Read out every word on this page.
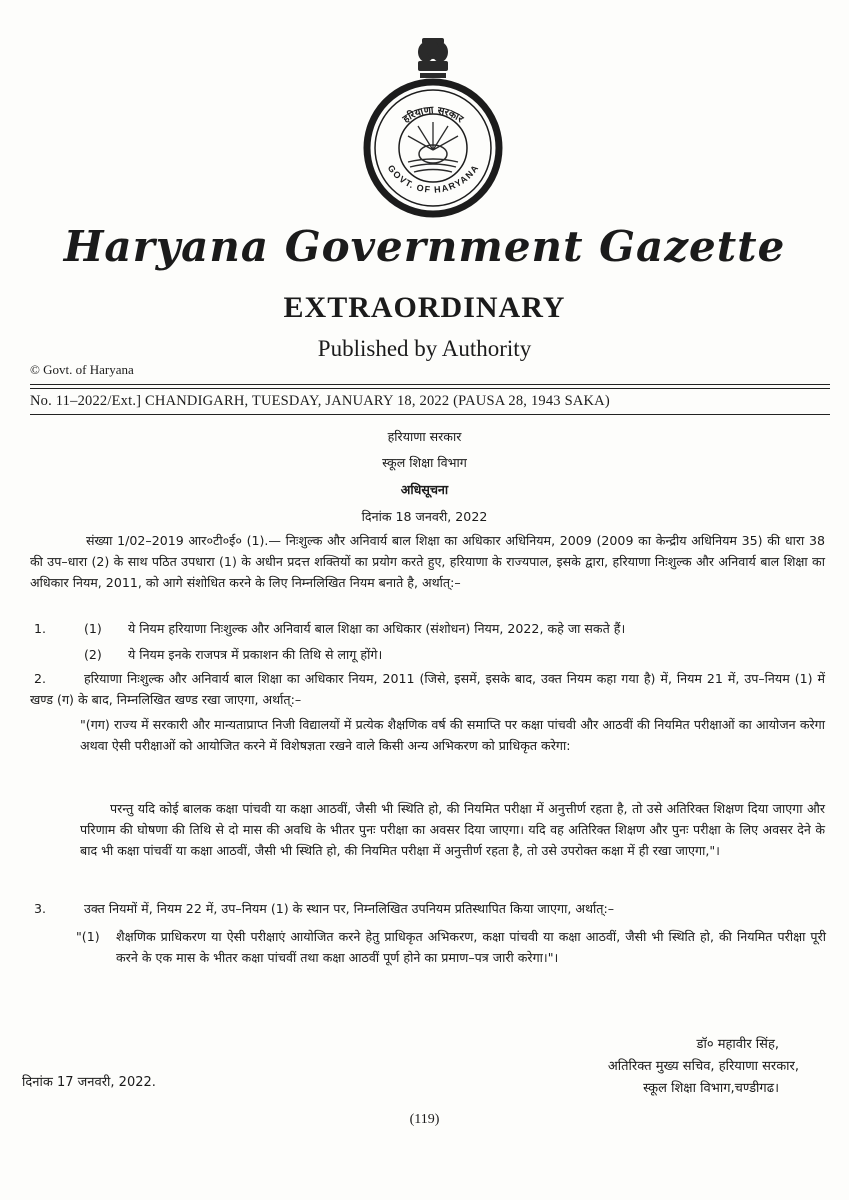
हरियाणा सरकार
GOVT. OF HARYANA
Haryana Government Gazette
EXTRAORDINARY
Published by Authority
© Govt. of Haryana
No. 11–2022/Ext.] CHANDIGARH, TUESDAY, JANUARY 18, 2022 (PAUSA 28, 1943 SAKA)
हरियाणा सरकार
स्कूल शिक्षा विभाग
अधिसूचना
दिनांक 18 जनवरी, 2022
संख्या 1/02–2019 आर०टी०ई० (1).— निःशुल्क और अनिवार्य बाल शिक्षा का अधिकार अधिनियम, 2009 (2009 का केन्द्रीय अधिनियम 35) की धारा 38 की उप–धारा (2) के साथ पठित उपधारा (1) के अधीन प्रदत्त शक्तियों का प्रयोग करते हुए, हरियाणा के राज्यपाल, इसके द्वारा, हरियाणा निःशुल्क और अनिवार्य बाल शिक्षा का अधिकार नियम, 2011, को आगे संशोधित करने के लिए निम्नलिखित नियम बनाते है, अर्थात्:–
1.	(1) ये नियम हरियाणा निःशुल्क और अनिवार्य बाल शिक्षा का अधिकार (संशोधन) नियम, 2022, कहे जा सकते हैं।
(2) ये नियम इनके राजपत्र में प्रकाशन की तिथि से लागू होंगे।
2.	हरियाणा निःशुल्क और अनिवार्य बाल शिक्षा का अधिकार नियम, 2011 (जिसे, इसमें, इसके बाद, उक्त नियम कहा गया है) में, नियम 21 में, उप–नियम (1) में खण्ड (ग) के बाद, निम्नलिखित खण्ड रखा जाएगा, अर्थात्:–
"(गग) राज्य में सरकारी और मान्यताप्राप्त निजी विद्यालयों में प्रत्येक शैक्षणिक वर्ष की समाप्ति पर कक्षा पांचवी और आठवीं की नियमित परीक्षाओं का आयोजन करेगा अथवा ऐसी परीक्षाओं को आयोजित करने में विशेषज्ञता रखने वाले किसी अन्य अभिकरण को प्राधिकृत करेगा:
परन्तु यदि कोई बालक कक्षा पांचवी या कक्षा आठवीं, जैसी भी स्थिति हो, की नियमित परीक्षा में अनुत्तीर्ण रहता है, तो उसे अतिरिक्त शिक्षण दिया जाएगा और परिणाम की घोषणा की तिथि से दो मास की अवधि के भीतर पुनः परीक्षा का अवसर दिया जाएगा। यदि वह अतिरिक्त शिक्षण और पुनः परीक्षा के लिए अवसर देने के बाद भी कक्षा पांचवीं या कक्षा आठवीं, जैसी भी स्थिति हो, की नियमित परीक्षा में अनुत्तीर्ण रहता है, तो उसे उपरोक्त कक्षा में ही रखा जाएगा,"।
3.	उक्त नियमों में, नियम 22 में, उप–नियम (1) के स्थान पर, निम्नलिखित उपनियम प्रतिस्थापित किया जाएगा, अर्थात्:–
"(1) शैक्षणिक प्राधिकरण या ऐसी परीक्षाएं आयोजित करने हेतु प्राधिकृत अभिकरण, कक्षा पांचवी या कक्षा आठवीं, जैसी भी स्थिति हो, की नियमित परीक्षा पूरी करने के एक मास के भीतर कक्षा पांचवीं तथा कक्षा आठवीं पूर्ण होने का प्रमाण–पत्र जारी करेगा।"।
डॉ० महावीर सिंह,
अतिरिक्त मुख्य सचिव, हरियाणा सरकार,
स्कूल शिक्षा विभाग,चण्डीगढ।
दिनांक 17 जनवरी, 2022.
(119)
